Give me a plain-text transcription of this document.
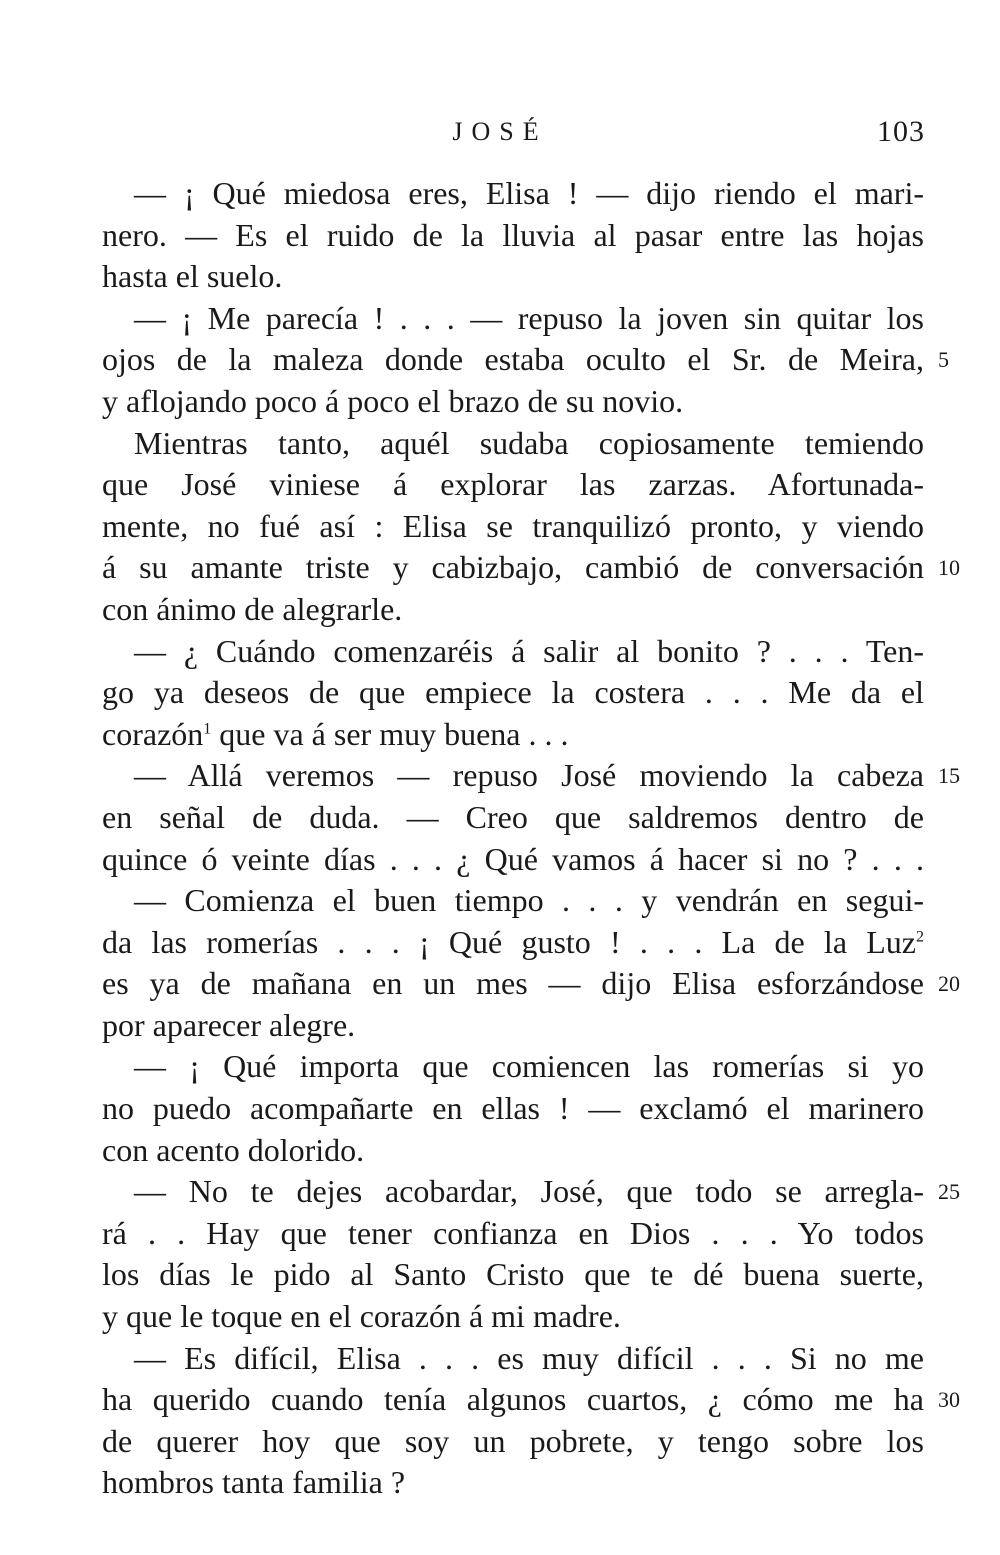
JOSÉ	103
— ¡ Qué miedosa eres, Elisa ! — dijo riendo el mari-
nero. — Es el ruido de la lluvia al pasar entre las hojas
hasta el suelo.
— ¡ Me parecía ! . . . — repuso la joven sin quitar los
ojos de la maleza donde estaba oculto el Sr. de Meira,
y aflojando poco á poco el brazo de su novio.
Mientras tanto, aquél sudaba copiosamente temiendo
que José viniese á explorar las zarzas. Afortunada-
mente, no fué así : Elisa se tranquilizó pronto, y viendo
á su amante triste y cabizbajo, cambió de conversación
con ánimo de alegrarle.
— ¿ Cuándo comenzaréis á salir al bonito ? . . . Ten-
go ya deseos de que empiece la costera . . . Me da el
corazón$^1$ que va á ser muy buena . . .
— Allá veremos — repuso José moviendo la cabeza
en señal de duda. — Creo que saldremos dentro de
quince ó veinte días . . . ¿ Qué vamos á hacer si no ? . . .
— Comienza el buen tiempo . . . y vendrán en segui-
da las romerías . . . ¡ Qué gusto ! . . . La de la Luz$^2$
es ya de mañana en un mes — dijo Elisa esforzándose
por aparecer alegre.
— ¡ Qué importa que comiencen las romerías si yo
no puedo acompañarte en ellas ! — exclamó el marinero
con acento dolorido.
— No te dejes acobardar, José, que todo se arregla-
rá . . Hay que tener confianza en Dios . . . Yo todos
los días le pido al Santo Cristo que te dé buena suerte,
y que le toque en el corazón á mi madre.
— Es difícil, Elisa . . . es muy difícil . . . Si no me
ha querido cuando tenía algunos cuartos, ¿ cómo me ha
de querer hoy que soy un pobrete, y tengo sobre los
hombros tanta familia ?
5
10
15
20
25
30
